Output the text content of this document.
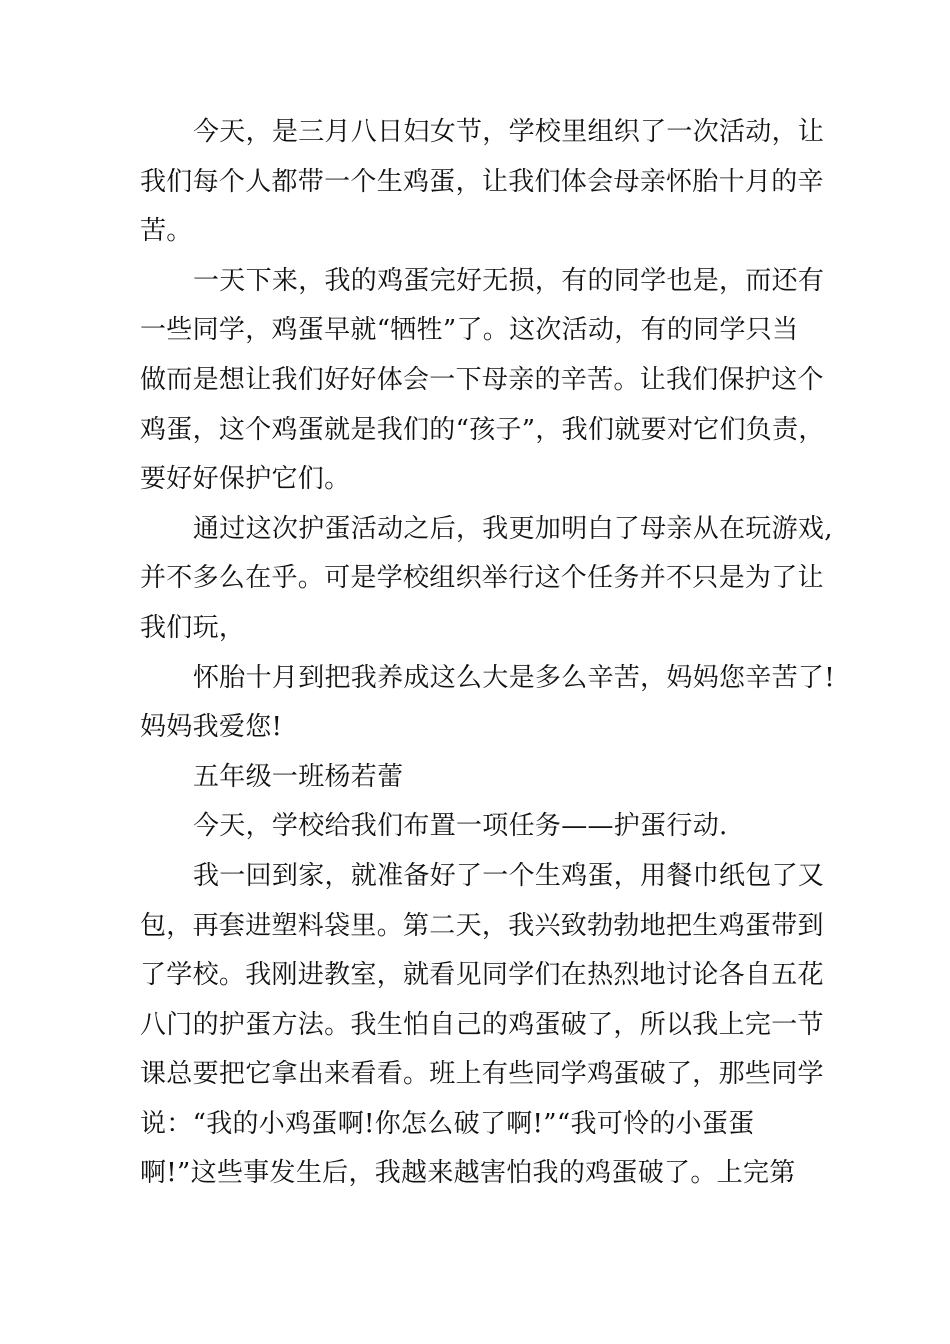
今天，是三月八日妇女节，学校里组织了一次活动，让
我们每个人都带一个生鸡蛋，让我们体会母亲怀胎十月的辛
苦。
一天下来，我的鸡蛋完好无损，有的同学也是，而还有
一些同学，鸡蛋早就“牺牲”了。这次活动，有的同学只当
做而是想让我们好好体会一下母亲的辛苦。让我们保护这个
鸡蛋，这个鸡蛋就是我们的“孩子”，我们就要对它们负责，
要好好保护它们。
通过这次护蛋活动之后，我更加明白了母亲从在玩游戏,
并不多么在乎。可是学校组织举行这个任务并不只是为了让
我们玩，
怀胎十月到把我养成这么大是多么辛苦，妈妈您辛苦了!
妈妈我爱您!
五年级一班杨若蕾
今天，学校给我们布置一项任务——护蛋行动.
我一回到家，就准备好了一个生鸡蛋，用餐巾纸包了又
包，再套进塑料袋里。第二天，我兴致勃勃地把生鸡蛋带到
了学校。我刚进教室，就看见同学们在热烈地讨论各自五花
八门的护蛋方法。我生怕自己的鸡蛋破了，所以我上完一节
课总要把它拿出来看看。班上有些同学鸡蛋破了，那些同学
说：“我的小鸡蛋啊!你怎么破了啊!”“我可怜的小蛋蛋
啊!”这些事发生后，我越来越害怕我的鸡蛋破了。上完第
